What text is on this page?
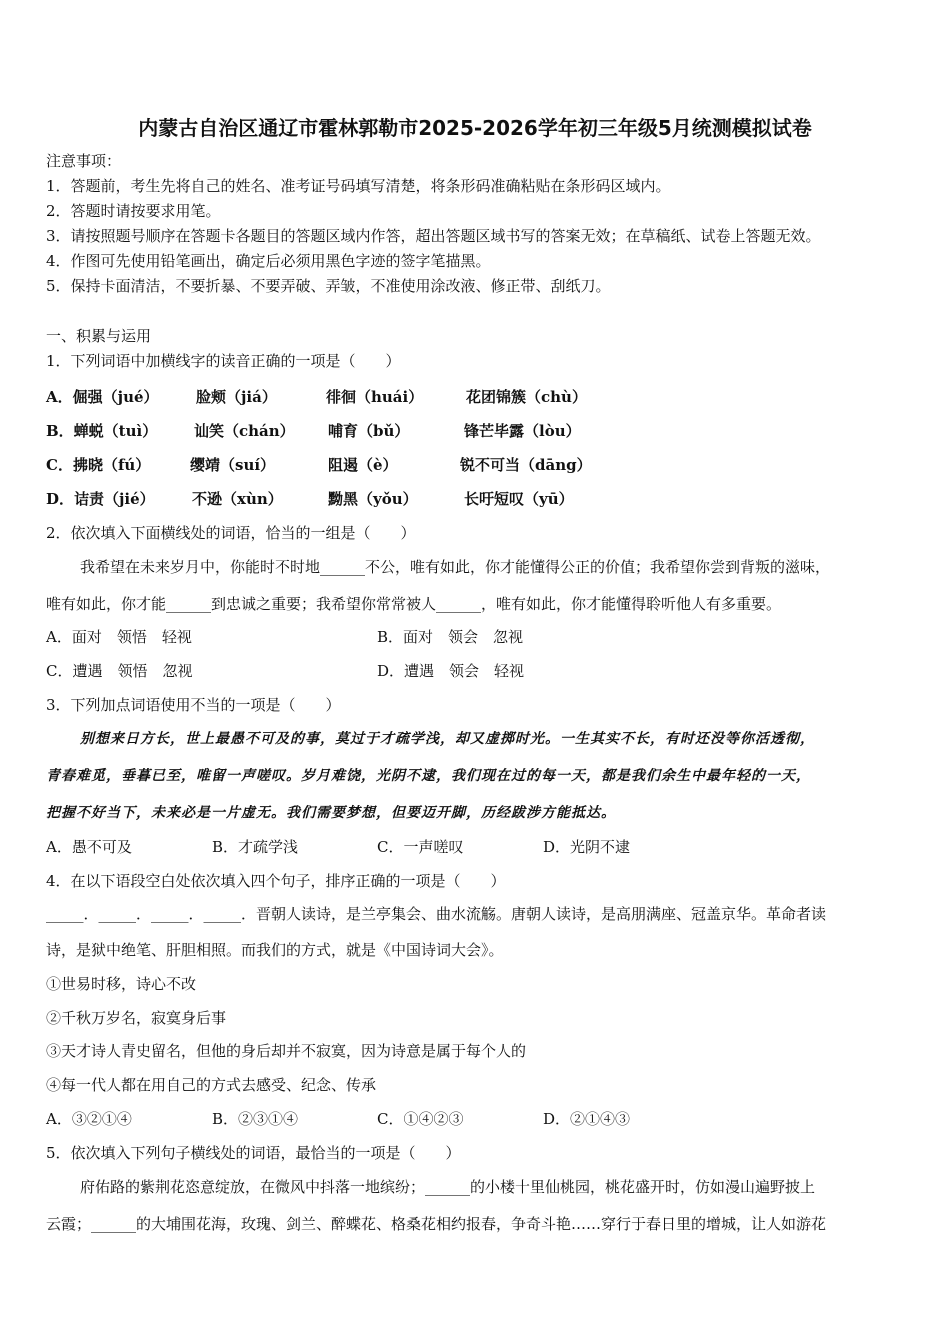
内蒙古自治区通辽市霍林郭勒市2025-2026学年初三年级5月统测模拟试卷
注意事项：
1．答题前，考生先将自己的姓名、准考证号码填写清楚，将条形码准确粘贴在条形码区域内。
2．答题时请按要求用笔。
3．请按照题号顺序在答题卡各题目的答题区域内作答，超出答题区域书写的答案无效；在草稿纸、试卷上答题无效。
4．作图可先使用铅笔画出，确定后必须用黑色字迹的签字笔描黑。
5．保持卡面清洁，不要折暴、不要弄破、弄皱，不准使用涂改液、修正带、刮纸刀。
一、积累与运用
1．下列词语中加横线字的读音正确的一项是（　　）
A．倔强（jué） 脸颊（jiá）	徘徊（huái）	花团锦簇（chù）
B．蝉蜕（tuì） 讪笑（chán） 哺育（bǔ）	锋芒毕露（lòu）
C．拂晓（fú）	缨靖（suí）	阻遏（è）	锐不可当（dāng）
D．诘责（jié） 不逊（xùn）	黝黑（yǒu）	长吁短叹（yū）
2．依次填入下面横线处的词语，恰当的一组是（　　）
我希望在未来岁月中，你能时不时地______不公，唯有如此，你才能懂得公正的价值；我希望你尝到背叛的滋味，
唯有如此，你才能______到忠诚之重要；我希望你常常被人______，唯有如此，你才能懂得聆听他人有多重要。
A．面对　领悟　轻视	B．面对　领会　忽视
C．遭遇　领悟　忽视	D．遭遇　领会　轻视
3．下列加点词语使用不当的一项是（　　）
别想来日方长，世上最愚不可及的事，莫过于才疏学浅，却又虚掷时光。一生其实不长，有时还没等你活透彻，
青春难觅，垂暮已至，唯留一声嗟叹。岁月难饶，光阴不逮，我们现在过的每一天，都是我们余生中最年轻的一天，
把握不好当下，未来必是一片虚无。我们需要梦想，但要迈开脚，历经跋涉方能抵达。
A．愚不可及	B．才疏学浅	C．一声嗟叹	D．光阴不逮
4．在以下语段空白处依次填入四个句子，排序正确的一项是（　　）
_____．_____．_____．_____．晋朝人读诗，是兰亭集会、曲水流觞。唐朝人读诗，是高朋满座、冠盖京华。革命者读
诗，是狱中绝笔、肝胆相照。而我们的方式，就是《中国诗词大会》。
①世易时移，诗心不改
②千秋万岁名，寂寞身后事
③天才诗人青史留名，但他的身后却并不寂寞，因为诗意是属于每个人的
④每一代人都在用自己的方式去感受、纪念、传承
A．③②①④	B．②③①④	C．①④②③	D．②①④③
5．依次填入下列句子横线处的词语，最恰当的一项是（　　）
府佑路的紫荆花恣意绽放，在微风中抖落一地缤纷；______的小楼十里仙桃园，桃花盛开时，仿如漫山遍野披上
云霞；______的大埔围花海，玫瑰、剑兰、醉蝶花、格桑花相约报春，争奇斗艳……穿行于春日里的增城，让人如游花
